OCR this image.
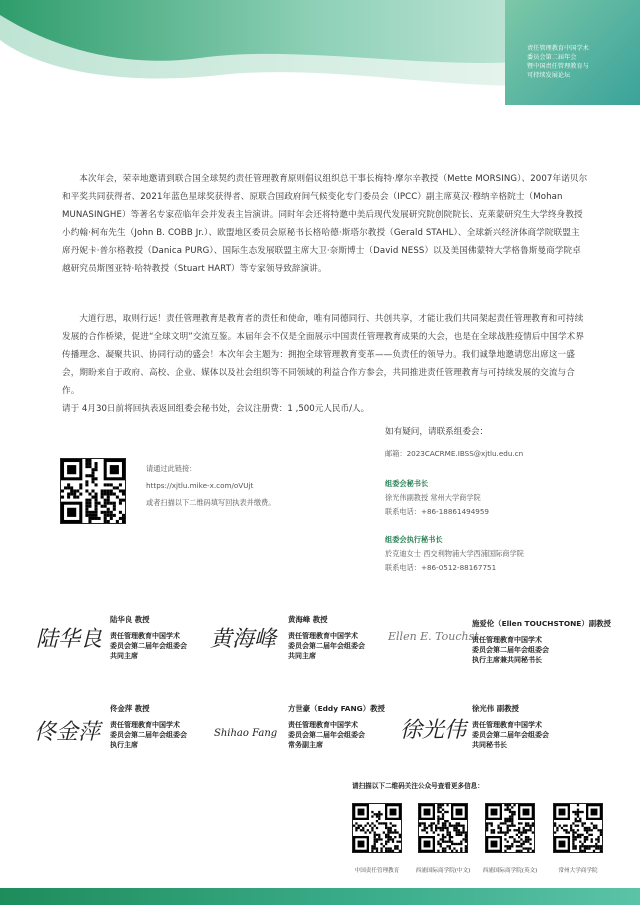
责任管理教育中国学术
委员会第二届年会
暨中国责任管理教育与
可持续发展论坛

本次年会，荣幸地邀请到联合国全球契约责任管理教育原则倡议组织总干事长梅特·摩尔辛教授（Mette MORSING）、2007年诺贝尔和平奖共同获得者、2021年蓝色星球奖获得者、原联合国政府间气候变化专门委员会（IPCC）副主席莫汉·穆纳辛格院士（Mohan MUNASINGHE）等著名专家莅临年会并发表主旨演讲。同时年会还将特邀中美后现代发展研究院创院院长、克莱蒙研究生大学终身教授小约翰·柯布先生（John B. COBB Jr.）、欧盟地区委员会原秘书长格哈德·斯塔尔教授（Gerald STAHL）、全球新兴经济体商学院联盟主席丹妮卡·普尔格教授（Danica PURG）、国际生态发展联盟主席大卫·奈斯博士（David NESS）以及美国佛蒙特大学格鲁斯曼商学院卓越研究员斯图亚特·哈特教授（Stuart HART）等专家领导致辞演讲。

大道行思，取则行远！责任管理教育是教育者的责任和使命，唯有同德同行、共创共享，才能让我们共同架起责任管理教育和可持续发展的合作桥梁，促进“全球文明”交流互鉴。本届年会不仅是全面展示中国责任管理教育成果的大会，也是在全球战胜疫情后中国学术界传播理念、凝聚共识、协同行动的盛会！本次年会主题为：拥抱全球管理教育变革——负责任的领导力。我们诚挚地邀请您出席这一盛会，期盼来自于政府、高校、企业、媒体以及社会组织等不同领域的利益合作方参会，共同推进责任管理教育与可持续发展的交流与合作。

请于 4月30日前将回执表返回组委会秘书处，会议注册费：1 ,500元人民币/人。
请通过此链接：
https://xjtlu.mike-x.com/oVUjt
或者扫描以下二维码填写回执表并缴费。
如有疑问，请联系组委会：
邮箱：2023CACRME.IBSS@xjtlu.edu.cn
组委会秘书长
徐光伟副教授 常州大学商学院
联系电话：+86-18861494959
组委会执行秘书长
於克迪女士 西交利物浦大学西浦国际商学院
联系电话：+86-0512-88167751
陆华良
陆华良 教授
责任管理教育中国学术
委员会第二届年会组委会
共同主席
黄海峰
黄海峰 教授
责任管理教育中国学术
委员会第二届年会组委会
共同主席
Ellen E. Touchst
施爱伦（Ellen TOUCHSTONE）副教授
责任管理教育中国学术
委员会第二届年会组委会
执行主席兼共同秘书长
佟金萍
佟金萍 教授
责任管理教育中国学术
委员会第二届年会组委会
执行主席
Shihao Fang
方世豪（Eddy FANG）教授
责任管理教育中国学术
委员会第二届年会组委会
常务副主席
徐光伟
徐光伟 副教授
责任管理教育中国学术
委员会第二届年会组委会
共同秘书长
请扫描以下二维码关注公众号查看更多信息：
中国责任管理教育	西浦国际商学院(中文)	西浦国际商学院(英文)	常州大学商学院
